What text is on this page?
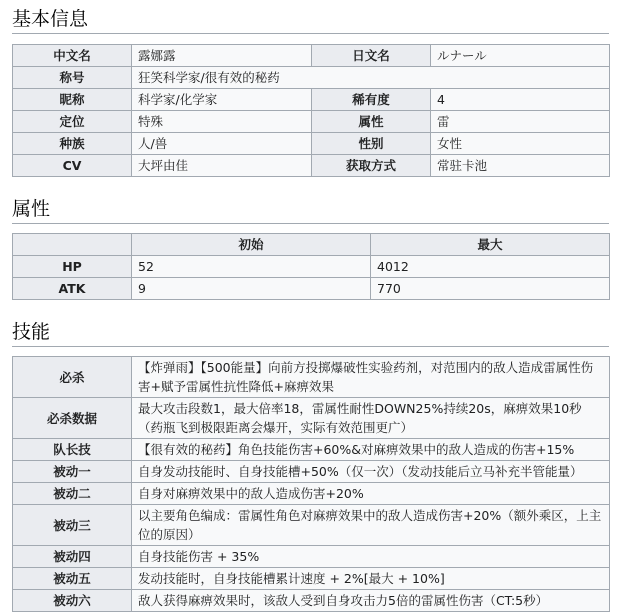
基本信息
中文名	露娜露	日文名	ルナール
称号	狂笑科学家/很有效的秘药		
昵称	科学家/化学家	稀有度	4
定位	特殊	属性	雷
种族	人/兽	性别	女性
CV	大坪由佳	获取方式	常驻卡池
属性
	初始	最大
HP	52	4012
ATK	9	770
技能
必杀	【炸弹雨】【500能量】向前方投掷爆破性实验药剂，对范围内的敌人造成雷属性伤害+赋予雷属性抗性降低+麻痹效果
必杀数据	最大攻击段数1，最大倍率18，雷属性耐性DOWN25%持续20s，麻痹效果10秒（药瓶飞到极限距离会爆开，实际有效范围更广）
队长技	【很有效的秘药】角色技能伤害+60%&对麻痹效果中的敌人造成的伤害+15%
被动一	自身发动技能时、自身技能槽+50%（仅一次）（发动技能后立马补充半管能量）
被动二	自身对麻痹效果中的敌人造成伤害+20%
被动三	以主要角色编成：雷属性角色对麻痹效果中的敌人造成伤害+20%（额外乘区，上主位的原因）
被动四	自身技能伤害 + 35%
被动五	发动技能时，自身技能槽累计速度 + 2%[最大 + 10%]
被动六	敌人获得麻痹效果时，该敌人受到自身攻击力5倍的雷属性伤害（CT:5秒）
